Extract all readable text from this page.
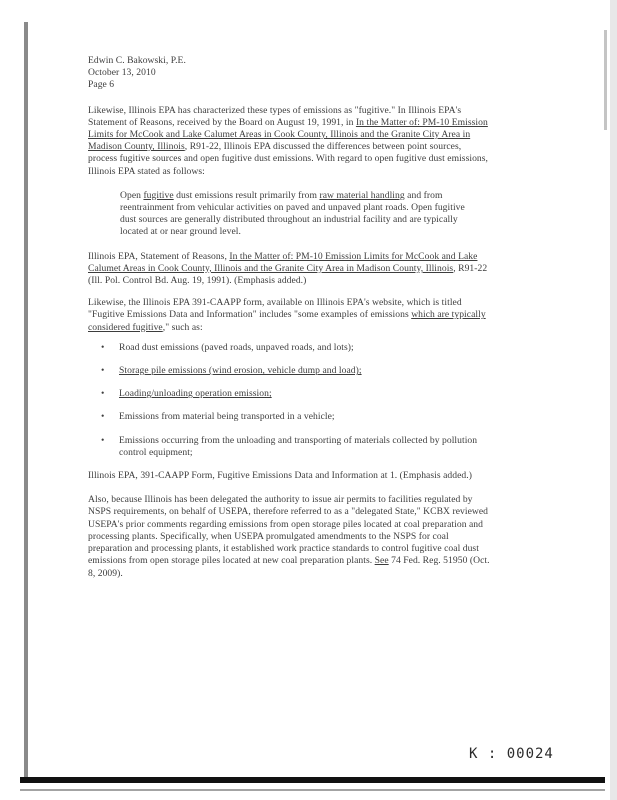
Edwin C. Bakowski, P.E.
October 13, 2010
Page 6

Likewise, Illinois EPA has characterized these types of emissions as "fugitive." In Illinois EPA's Statement of Reasons, received by the Board on August 19, 1991, in In the Matter of: PM-10 Emission Limits for McCook and Lake Calumet Areas in Cook County, Illinois and the Granite City Area in Madison County, Illinois, R91-22, Illinois EPA discussed the differences between point sources, process fugitive sources and open fugitive dust emissions. With regard to open fugitive dust emissions, Illinois EPA stated as follows:

Open fugitive dust emissions result primarily from raw material handling and from reentrainment from vehicular activities on paved and unpaved plant roads. Open fugitive dust sources are generally distributed throughout an industrial facility and are typically located at or near ground level.

Illinois EPA, Statement of Reasons, In the Matter of: PM-10 Emission Limits for McCook and Lake Calumet Areas in Cook County, Illinois and the Granite City Area in Madison County, Illinois, R91-22 (Ill. Pol. Control Bd. Aug. 19, 1991). (Emphasis added.)

Likewise, the Illinois EPA 391-CAAPP form, available on Illinois EPA's website, which is titled "Fugitive Emissions Data and Information" includes "some examples of emissions which are typically considered fugitive," such as:

• Road dust emissions (paved roads, unpaved roads, and lots);
• Storage pile emissions (wind erosion, vehicle dump and load);
• Loading/unloading operation emission;
• Emissions from material being transported in a vehicle;
• Emissions occurring from the unloading and transporting of materials collected by pollution control equipment;

Illinois EPA, 391-CAAPP Form, Fugitive Emissions Data and Information at 1. (Emphasis added.)

Also, because Illinois has been delegated the authority to issue air permits to facilities regulated by NSPS requirements, on behalf of USEPA, therefore referred to as a "delegated State," KCBX reviewed USEPA's prior comments regarding emissions from open storage piles located at coal preparation and processing plants. Specifically, when USEPA promulgated amendments to the NSPS for coal preparation and processing plants, it established work practice standards to control fugitive coal dust emissions from open storage piles located at new coal preparation plants. See 74 Fed. Reg. 51950 (Oct. 8, 2009).

K : 00024
